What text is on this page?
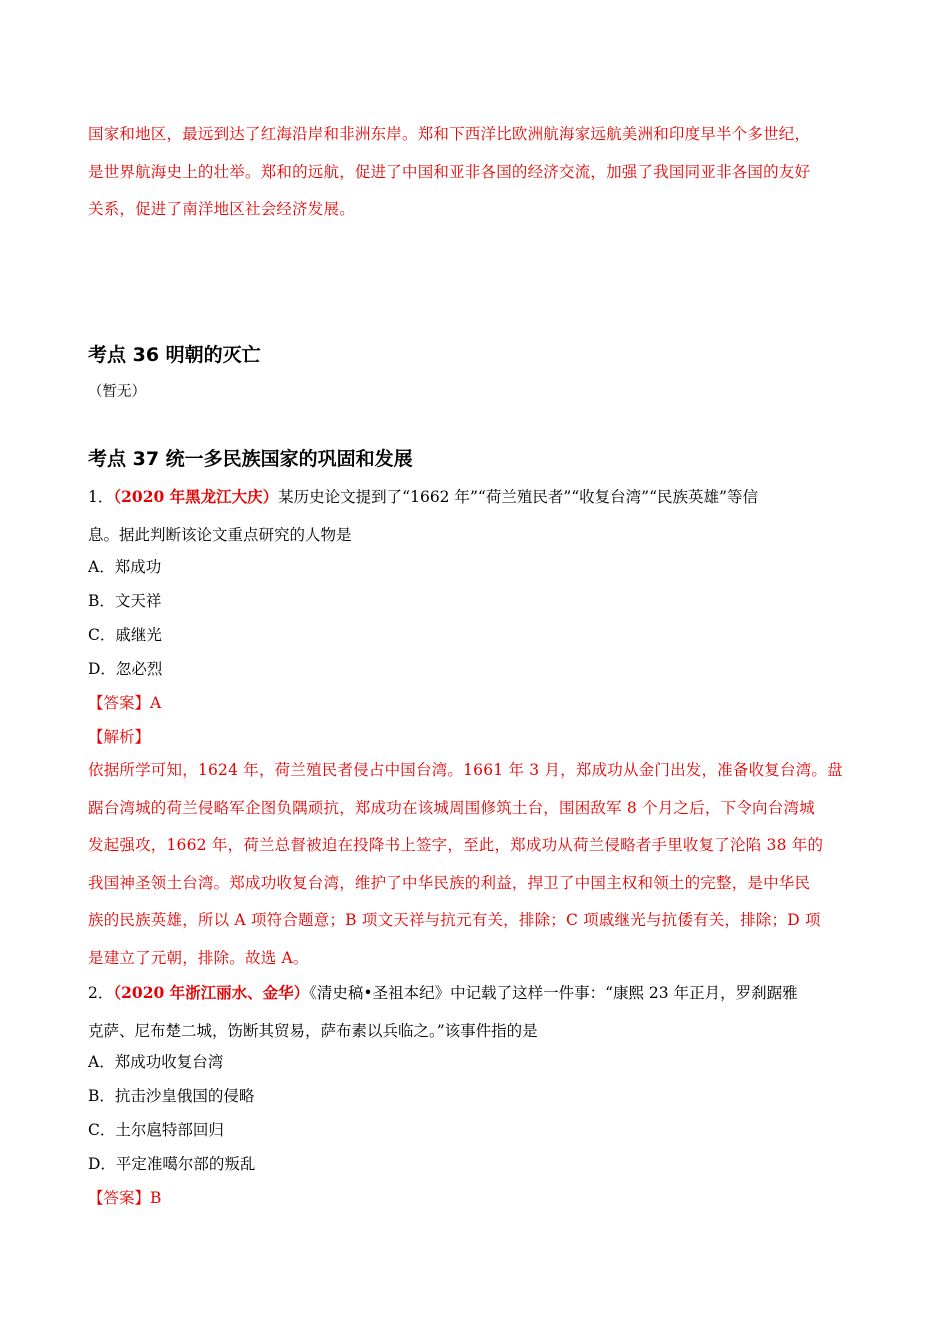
国家和地区，最远到达了红海沿岸和非洲东岸。郑和下西洋比欧洲航海家远航美洲和印度早半个多世纪，

是世界航海史上的壮举。郑和的远航，促进了中国和亚非各国的经济交流，加强了我国同亚非各国的友好

关系，促进了南洋地区社会经济发展。

考点 36 明朝的灭亡
（暂无）
考点 37 统一多民族国家的巩固和发展

1．（2020 年黑龙江大庆）某历史论文提到了“1662 年”“荷兰殖民者”“收复台湾”“民族英雄”等信

息。据此判断该论文重点研究的人物是

A．郑成功
B．文天祥
C．戚继光
D．忽必烈
【答案】A
【解析】

依据所学可知，1624 年，荷兰殖民者侵占中国台湾。1661 年 3 月，郑成功从金门出发，准备收复台湾。盘

踞台湾城的荷兰侵略军企图负隅顽抗，郑成功在该城周围修筑土台，围困敌军 8 个月之后，下令向台湾城

发起强攻，1662 年，荷兰总督被迫在投降书上签字，至此，郑成功从荷兰侵略者手里收复了沦陷 38 年的

我国神圣领土台湾。郑成功收复台湾，维护了中华民族的利益，捍卫了中国主权和领土的完整，是中华民

族的民族英雄，所以 A 项符合题意；B 项文天祥与抗元有关，排除；C 项戚继光与抗倭有关，排除；D 项

是建立了元朝，排除。故选 A。

2．（2020 年浙江丽水、金华）《清史稿•圣祖本纪》中记载了这样一件事：“康熙 23 年正月，罗刹踞雅

克萨、尼布楚二城，饬断其贸易，萨布素以兵临之。”该事件指的是

A．郑成功收复台湾
B．抗击沙皇俄国的侵略
C．土尔扈特部回归
D．平定准噶尔部的叛乱
【答案】B
